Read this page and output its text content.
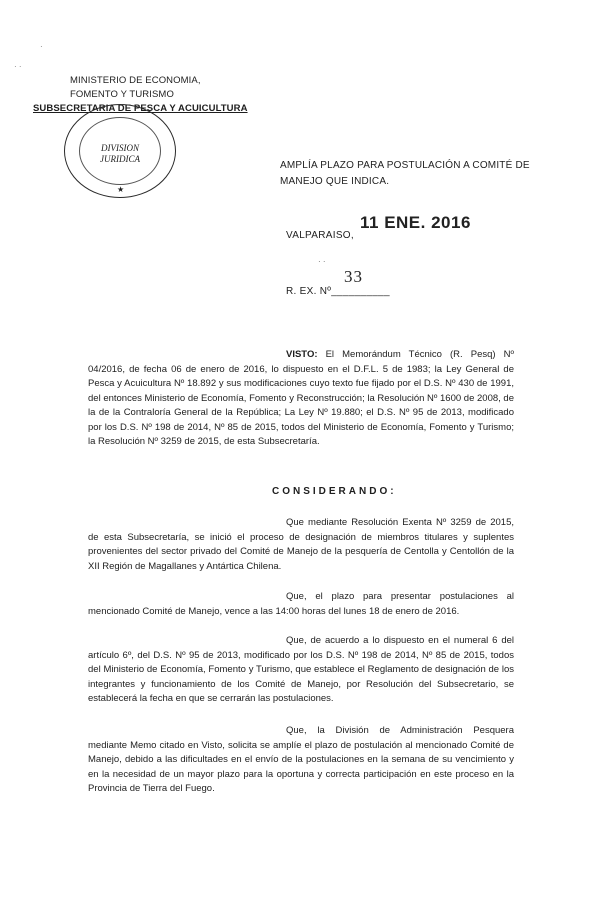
·
· ·
MINISTERIO DE ECONOMIA,
FOMENTO Y TURISMO
SUBSECRETARIA DE PESCA Y ACUICULTURA
DIVISION
JURIDICA
★
AMPLÍA PLAZO PARA POSTULACIÓN A COMITÉ DE MANEJO QUE INDICA.
11 ENE. 2016
VALPARAISO,
· ·
33
R. EX. Nº__________
VISTO: El Memorándum Técnico (R. Pesq) Nº 04/2016, de fecha 06 de enero de 2016, lo dispuesto en el D.F.L. 5 de 1983; la Ley General de Pesca y Acuicultura Nº 18.892 y sus modificaciones cuyo texto fue fijado por el D.S. Nº 430 de 1991, del entonces Ministerio de Economía, Fomento y Reconstrucción; la Resolución Nº 1600 de 2008, de la de la Contraloría General de la República; La Ley Nº 19.880; el D.S. Nº 95 de 2013, modificado por los D.S. Nº 198 de 2014, Nº 85 de 2015, todos del Ministerio de Economía, Fomento y Turismo; la Resolución Nº 3259 de 2015, de esta Subsecretaría.
CONSIDERANDO:
Que mediante Resolución Exenta Nº 3259 de 2015, de esta Subsecretaría, se inició el proceso de designación de miembros titulares y suplentes provenientes del sector privado del Comité de Manejo de la pesquería de Centolla y Centollón de la XII Región de Magallanes y Antártica Chilena.
Que, el plazo para presentar postulaciones al mencionado Comité de Manejo, vence a las 14:00 horas del lunes 18 de enero de 2016.
Que, de acuerdo a lo dispuesto en el numeral 6 del artículo 6º, del D.S. Nº 95 de 2013, modificado por los D.S. Nº 198 de 2014, Nº 85 de 2015, todos del Ministerio de Economía, Fomento y Turismo, que establece el Reglamento de designación de los integrantes y funcionamiento de los Comité de Manejo, por Resolución del Subsecretario, se establecerá la fecha en que se cerrarán las postulaciones.
Que, la División de Administración Pesquera mediante Memo citado en Visto, solicita se amplíe el plazo de postulación al mencionado Comité de Manejo, debido a las dificultades en el envío de la postulaciones en la semana de su vencimiento y en la necesidad de un mayor plazo para la oportuna y correcta participación en este proceso en la Provincia de Tierra del Fuego.
